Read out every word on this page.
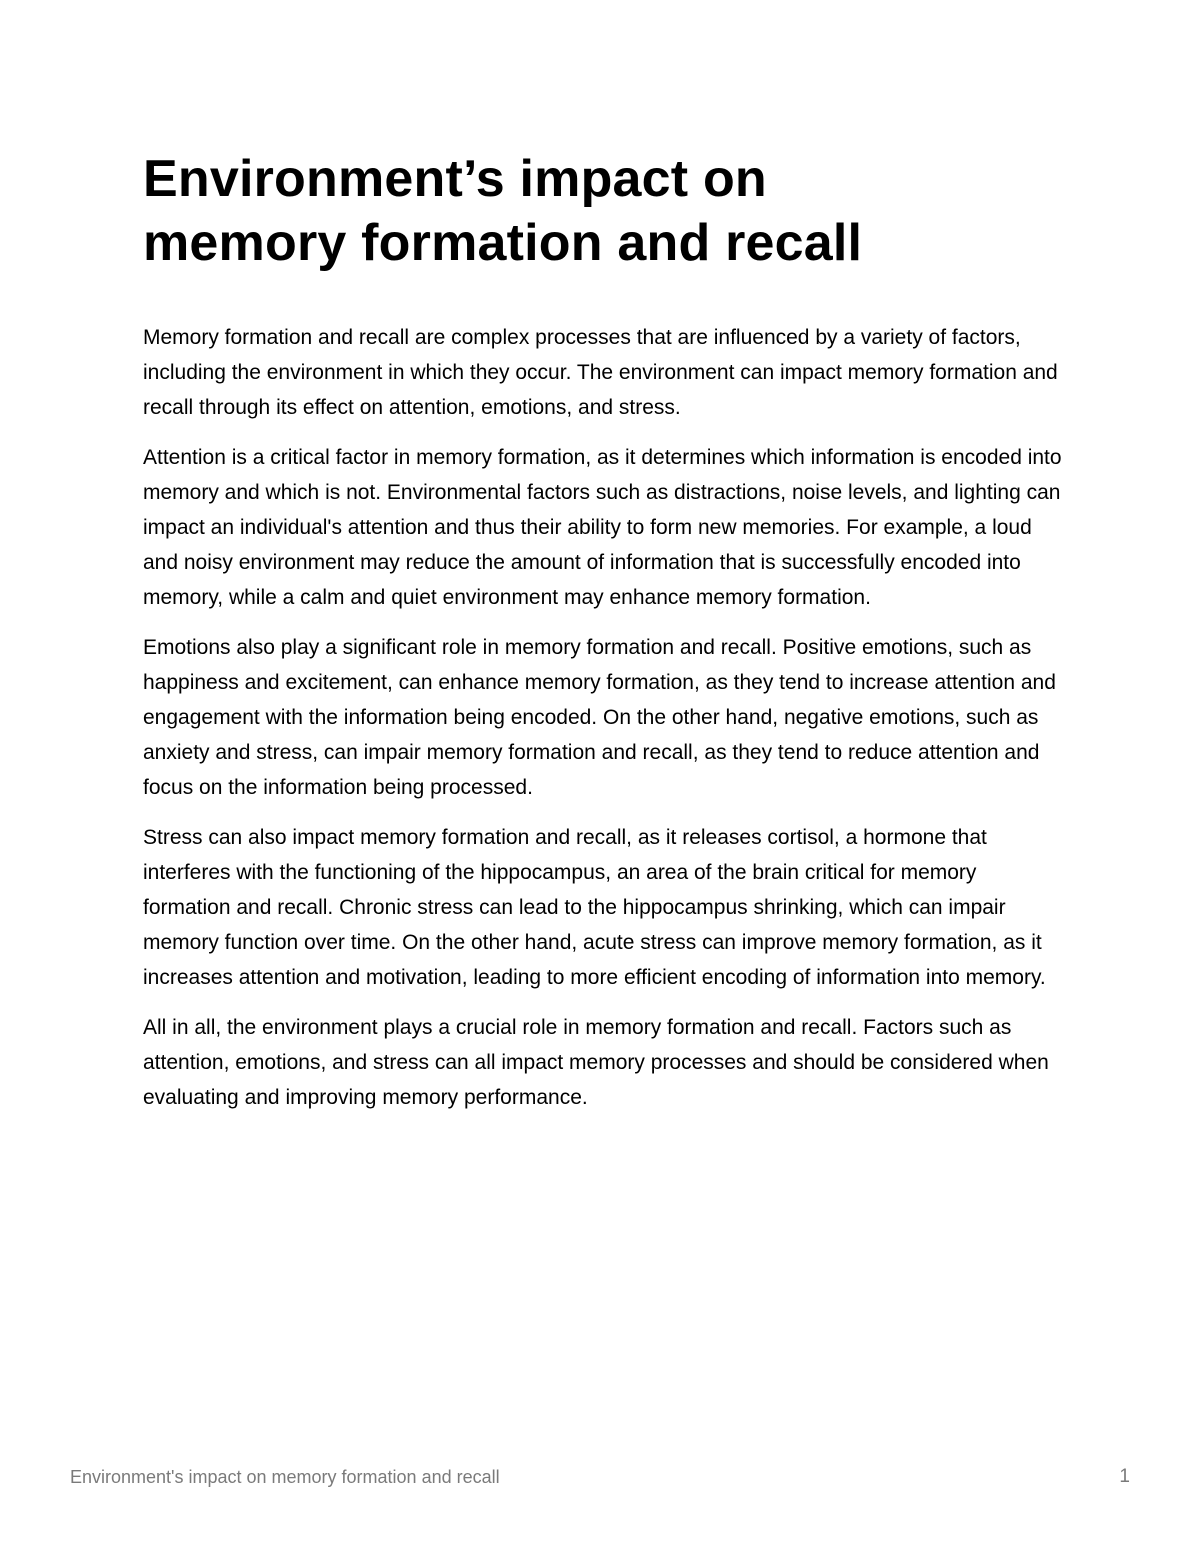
Environment’s impact on
memory formation and recall

Memory formation and recall are complex processes that are influenced by a variety of factors, including the environment in which they occur. The environment can impact memory formation and recall through its effect on attention, emotions, and stress.

Attention is a critical factor in memory formation, as it determines which information is encoded into memory and which is not. Environmental factors such as distractions, noise levels, and lighting can impact an individual's attention and thus their ability to form new memories. For example, a loud and noisy environment may reduce the amount of information that is successfully encoded into memory, while a calm and quiet environment may enhance memory formation.

Emotions also play a significant role in memory formation and recall. Positive emotions, such as happiness and excitement, can enhance memory formation, as they tend to increase attention and engagement with the information being encoded. On the other hand, negative emotions, such as anxiety and stress, can impair memory formation and recall, as they tend to reduce attention and focus on the information being processed.

Stress can also impact memory formation and recall, as it releases cortisol, a hormone that interferes with the functioning of the hippocampus, an area of the brain critical for memory formation and recall. Chronic stress can lead to the hippocampus shrinking, which can impair memory function over time. On the other hand, acute stress can improve memory formation, as it increases attention and motivation, leading to more efficient encoding of information into memory.

All in all, the environment plays a crucial role in memory formation and recall. Factors such as attention, emotions, and stress can all impact memory processes and should be considered when evaluating and improving memory performance.

Environment's impact on memory formation and recall	1
